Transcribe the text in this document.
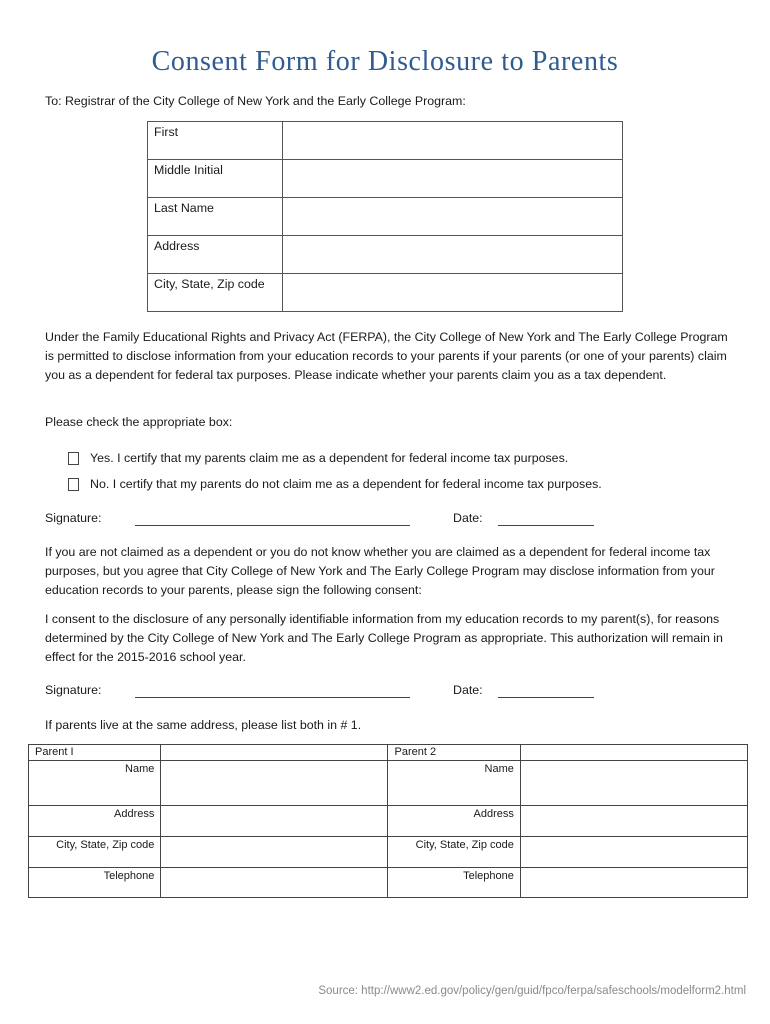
Consent Form for Disclosure to Parents
To: Registrar of the City College of New York and the Early College Program:
First	
Middle Initial	
Last Name	
Address	
City, State, Zip code	
Under the Family Educational Rights and Privacy Act (FERPA), the City College of New York and The Early College Program is permitted to disclose information from your education records to your parents if your parents (or one of your parents) claim you as a dependent for federal tax purposes. Please indicate whether your parents claim you as a tax dependent.
Please check the appropriate box:
Yes. I certify that my parents claim me as a dependent for federal income tax purposes.
No. I certify that my parents do not claim me as a dependent for federal income tax purposes.
Signature:	Date:
If you are not claimed as a dependent or you do not know whether you are claimed as a dependent for federal income tax purposes, but you agree that City College of New York and The Early College Program may disclose information from your education records to your parents, please sign the following consent:
I consent to the disclosure of any personally identifiable information from my education records to my parent(s), for reasons determined by the City College of New York and The Early College Program as appropriate. This authorization will remain in effect for the 2015-2016 school year.
Signature:	Date:
If parents live at the same address, please list both in # 1.
Parent I		Parent 2	
Name		Name	
Address		Address	
City, State, Zip code		City, State, Zip code	
Telephone		Telephone	
Source: http://www2.ed.gov/policy/gen/guid/fpco/ferpa/safeschools/modelform2.html
